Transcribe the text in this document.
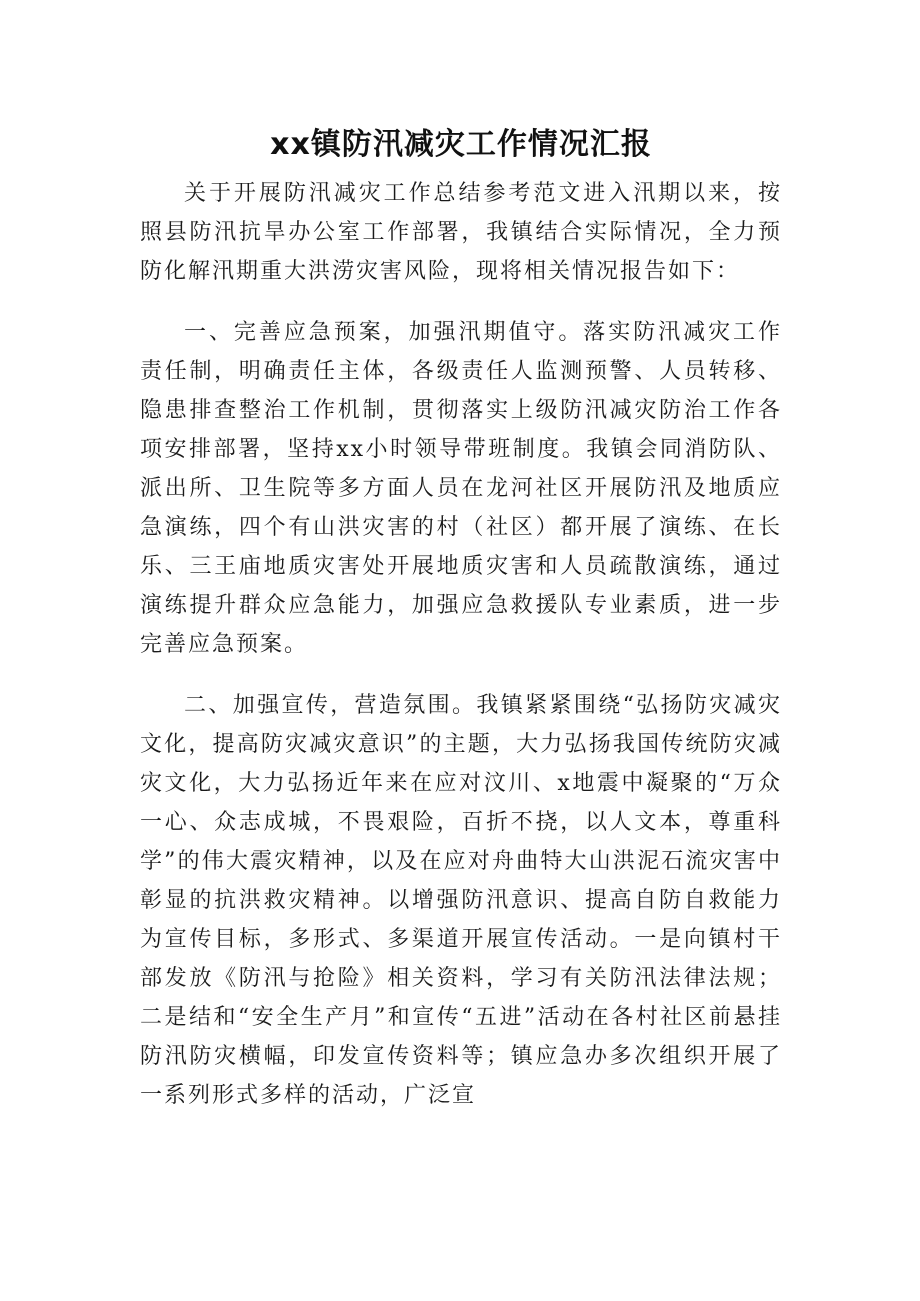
xx镇防汛减灾工作情况汇报

关于开展防汛减灾工作总结参考范文进入汛期以来，按照县防汛抗旱办公室工作部署，我镇结合实际情况，全力预防化解汛期重大洪涝灾害风险，现将相关情况报告如下：

一、完善应急预案，加强汛期值守。落实防汛减灾工作责任制，明确责任主体，各级责任人监测预警、人员转移、隐患排查整治工作机制，贯彻落实上级防汛减灾防治工作各项安排部署，坚持xx小时领导带班制度。我镇会同消防队、派出所、卫生院等多方面人员在龙河社区开展防汛及地质应急演练，四个有山洪灾害的村（社区）都开展了演练、在长乐、三王庙地质灾害处开展地质灾害和人员疏散演练，通过演练提升群众应急能力，加强应急救援队专业素质，进一步完善应急预案。

二、加强宣传，营造氛围。我镇紧紧围绕“弘扬防灾减灾文化，提高防灾减灾意识”的主题，大力弘扬我国传统防灾减灾文化，大力弘扬近年来在应对汶川、x地震中凝聚的“万众一心、众志成城，不畏艰险，百折不挠，以人文本，尊重科学”的伟大震灾精神，以及在应对舟曲特大山洪泥石流灾害中彰显的抗洪救灾精神。以增强防汛意识、提高自防自救能力为宣传目标，多形式、多渠道开展宣传活动。一是向镇村干部发放《防汛与抢险》相关资料，学习有关防汛法律法规；二是结和“安全生产月”和宣传“五进”活动在各村社区前悬挂防汛防灾横幅，印发宣传资料等；镇应急办多次组织开展了一系列形式多样的活动，广泛宣
